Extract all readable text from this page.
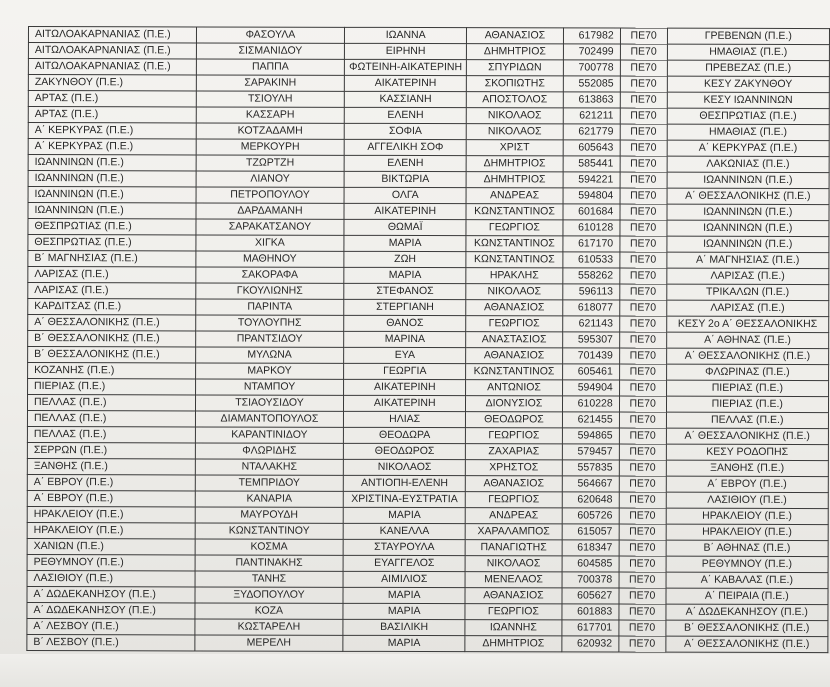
ΑΙΤΩΛΟΑΚΑΡΝΑΝΙΑΣ (Π.Ε.)	ΦΑΣΟΥΛΑ	ΙΩΑΝΝΑ	ΑΘΑΝΑΣΙΟΣ	617982	ΠΕ70	ΓΡΕΒΕΝΩΝ (Π.Ε.)
ΑΙΤΩΛΟΑΚΑΡΝΑΝΙΑΣ (Π.Ε.)	ΣΙΣΜΑΝΙΔΟΥ	ΕΙΡΗΝΗ	ΔΗΜΗΤΡΙΟΣ	702499	ΠΕ70	ΗΜΑΘΙΑΣ (Π.Ε.)
ΑΙΤΩΛΟΑΚΑΡΝΑΝΙΑΣ (Π.Ε.)	ΠΑΠΠΑ	ΦΩΤΕΙΝΗ-ΑΙΚΑΤΕΡΙΝΗ	ΣΠΥΡΙΔΩΝ	700778	ΠΕ70	ΠΡΕΒΕΖΑΣ (Π.Ε.)
ΖΑΚΥΝΘΟΥ (Π.Ε.)	ΣΑΡΑΚΙΝΗ	ΑΙΚΑΤΕΡΙΝΗ	ΣΚΟΠΙΩΤΗΣ	552085	ΠΕ70	ΚΕΣΥ ΖΑΚΥΝΘΟΥ
ΑΡΤΑΣ (Π.Ε.)	ΤΣΙΟΥΛΗ	ΚΑΣΣΙΑΝΗ	ΑΠΟΣΤΟΛΟΣ	613863	ΠΕ70	ΚΕΣΥ ΙΩΑΝΝΙΝΩΝ
ΑΡΤΑΣ (Π.Ε.)	ΚΑΣΣΑΡΗ	ΕΛΕΝΗ	ΝΙΚΟΛΑΟΣ	621211	ΠΕ70	ΘΕΣΠΡΩΤΙΑΣ (Π.Ε.)
Α΄ ΚΕΡΚΥΡΑΣ (Π.Ε.)	ΚΟΤΖΑΔΑΜΗ	ΣΟΦΙΑ	ΝΙΚΟΛΑΟΣ	621779	ΠΕ70	ΗΜΑΘΙΑΣ (Π.Ε.)
Α΄ ΚΕΡΚΥΡΑΣ (Π.Ε.)	ΜΕΡΚΟΥΡΗ	ΑΓΓΕΛΙΚΗ ΣΟΦ	ΧΡΙΣΤ	605643	ΠΕ70	Α΄ ΚΕΡΚΥΡΑΣ (Π.Ε.)
ΙΩΑΝΝΙΝΩΝ (Π.Ε.)	ΤΖΩΡΤΖΗ	ΕΛΕΝΗ	ΔΗΜΗΤΡΙΟΣ	585441	ΠΕ70	ΛΑΚΩΝΙΑΣ (Π.Ε.)
ΙΩΑΝΝΙΝΩΝ (Π.Ε.)	ΛΙΑΝΟΥ	ΒΙΚΤΩΡΙΑ	ΔΗΜΗΤΡΙΟΣ	594221	ΠΕ70	ΙΩΑΝΝΙΝΩΝ (Π.Ε.)
ΙΩΑΝΝΙΝΩΝ (Π.Ε.)	ΠΕΤΡΟΠΟΥΛΟΥ	ΟΛΓΑ	ΑΝΔΡΕΑΣ	594804	ΠΕ70	Α΄ ΘΕΣΣΑΛΟΝΙΚΗΣ (Π.Ε.)
ΙΩΑΝΝΙΝΩΝ (Π.Ε.)	ΔΑΡΔΑΜΑΝΗ	ΑΙΚΑΤΕΡΙΝΗ	ΚΩΝΣΤΑΝΤΙΝΟΣ	601684	ΠΕ70	ΙΩΑΝΝΙΝΩΝ (Π.Ε.)
ΘΕΣΠΡΩΤΙΑΣ (Π.Ε.)	ΣΑΡΑΚΑΤΣΑΝΟΥ	ΘΩΜΑΪ	ΓΕΩΡΓΙΟΣ	610128	ΠΕ70	ΙΩΑΝΝΙΝΩΝ (Π.Ε.)
ΘΕΣΠΡΩΤΙΑΣ (Π.Ε.)	ΧΙΓΚΑ	ΜΑΡΙΑ	ΚΩΝΣΤΑΝΤΙΝΟΣ	617170	ΠΕ70	ΙΩΑΝΝΙΝΩΝ (Π.Ε.)
Β΄ ΜΑΓΝΗΣΙΑΣ (Π.Ε.)	ΜΑΘΗΝΟΥ	ΖΩΗ	ΚΩΝΣΤΑΝΤΙΝΟΣ	610533	ΠΕ70	Α΄ ΜΑΓΝΗΣΙΑΣ (Π.Ε.)
ΛΑΡΙΣΑΣ (Π.Ε.)	ΣΑΚΟΡΑΦΑ	ΜΑΡΙΑ	ΗΡΑΚΛΗΣ	558262	ΠΕ70	ΛΑΡΙΣΑΣ (Π.Ε.)
ΛΑΡΙΣΑΣ (Π.Ε.)	ΓΚΟΥΛΙΩΝΗΣ	ΣΤΕΦΑΝΟΣ	ΝΙΚΟΛΑΟΣ	596113	ΠΕ70	ΤΡΙΚΑΛΩΝ (Π.Ε.)
ΚΑΡΔΙΤΣΑΣ (Π.Ε.)	ΠΑΡΙΝΤΑ	ΣΤΕΡΓΙΑΝΗ	ΑΘΑΝΑΣΙΟΣ	618077	ΠΕ70	ΛΑΡΙΣΑΣ (Π.Ε.)
Α΄ ΘΕΣΣΑΛΟΝΙΚΗΣ (Π.Ε.)	ΤΟΥΛΟΥΠΗΣ	ΘΑΝΟΣ	ΓΕΩΡΓΙΟΣ	621143	ΠΕ70	ΚΕΣΥ 2ο Α΄ ΘΕΣΣΑΛΟΝΙΚΗΣ
Β΄ ΘΕΣΣΑΛΟΝΙΚΗΣ (Π.Ε.)	ΠΡΑΝΤΣΙΔΟΥ	ΜΑΡΙΝΑ	ΑΝΑΣΤΑΣΙΟΣ	595307	ΠΕ70	Α΄ ΑΘΗΝΑΣ (Π.Ε.)
Β΄ ΘΕΣΣΑΛΟΝΙΚΗΣ (Π.Ε.)	ΜΥΛΩΝΑ	ΕΥΑ	ΑΘΑΝΑΣΙΟΣ	701439	ΠΕ70	Α΄ ΘΕΣΣΑΛΟΝΙΚΗΣ (Π.Ε.)
ΚΟΖΑΝΗΣ (Π.Ε.)	ΜΑΡΚΟΥ	ΓΕΩΡΓΙΑ	ΚΩΝΣΤΑΝΤΙΝΟΣ	605461	ΠΕ70	ΦΛΩΡΙΝΑΣ (Π.Ε.)
ΠΙΕΡΙΑΣ (Π.Ε.)	ΝΤΑΜΠΟΥ	ΑΙΚΑΤΕΡΙΝΗ	ΑΝΤΩΝΙΟΣ	594904	ΠΕ70	ΠΙΕΡΙΑΣ (Π.Ε.)
ΠΕΛΛΑΣ (Π.Ε.)	ΤΣΙΑΟΥΣΙΔΟΥ	ΑΙΚΑΤΕΡΙΝΗ	ΔΙΟΝΥΣΙΟΣ	610228	ΠΕ70	ΠΙΕΡΙΑΣ (Π.Ε.)
ΠΕΛΛΑΣ (Π.Ε.)	ΔΙΑΜΑΝΤΟΠΟΥΛΟΣ	ΗΛΙΑΣ	ΘΕΟΔΩΡΟΣ	621455	ΠΕ70	ΠΕΛΛΑΣ (Π.Ε.)
ΠΕΛΛΑΣ (Π.Ε.)	ΚΑΡΑΝΤΙΝΙΔΟΥ	ΘΕΟΔΩΡΑ	ΓΕΩΡΓΙΟΣ	594865	ΠΕ70	Α΄ ΘΕΣΣΑΛΟΝΙΚΗΣ (Π.Ε.)
ΣΕΡΡΩΝ (Π.Ε.)	ΦΛΩΡΙΔΗΣ	ΘΕΟΔΩΡΟΣ	ΖΑΧΑΡΙΑΣ	579457	ΠΕ70	ΚΕΣΥ ΡΟΔΟΠΗΣ
ΞΑΝΘΗΣ (Π.Ε.)	ΝΤΑΛΑΚΗΣ	ΝΙΚΟΛΑΟΣ	ΧΡΗΣΤΟΣ	557835	ΠΕ70	ΞΑΝΘΗΣ (Π.Ε.)
Α΄ ΕΒΡΟΥ (Π.Ε.)	ΤΕΜΠΡΙΔΟΥ	ΑΝΤΙΟΠΗ-ΕΛΕΝΗ	ΑΘΑΝΑΣΙΟΣ	564667	ΠΕ70	Α΄ ΕΒΡΟΥ (Π.Ε.)
Α΄ ΕΒΡΟΥ (Π.Ε.)	ΚΑΝΑΡΙΑ	ΧΡΙΣΤΙΝΑ-ΕΥΣΤΡΑΤΙΑ	ΓΕΩΡΓΙΟΣ	620648	ΠΕ70	ΛΑΣΙΘΙΟΥ (Π.Ε.)
ΗΡΑΚΛΕΙΟΥ (Π.Ε.)	ΜΑΥΡΟΥΔΗ	ΜΑΡΙΑ	ΑΝΔΡΕΑΣ	605726	ΠΕ70	ΗΡΑΚΛΕΙΟΥ (Π.Ε.)
ΗΡΑΚΛΕΙΟΥ (Π.Ε.)	ΚΩΝΣΤΑΝΤΙΝΟΥ	ΚΑΝΕΛΛΑ	ΧΑΡΑΛΑΜΠΟΣ	615057	ΠΕ70	ΗΡΑΚΛΕΙΟΥ (Π.Ε.)
ΧΑΝΙΩΝ (Π.Ε.)	ΚΟΣΜΑ	ΣΤΑΥΡΟΥΛΑ	ΠΑΝΑΓΙΩΤΗΣ	618347	ΠΕ70	Β΄ ΑΘΗΝΑΣ (Π.Ε.)
ΡΕΘΥΜΝΟΥ (Π.Ε.)	ΠΑΝΤΙΝΑΚΗΣ	ΕΥΑΓΓΕΛΟΣ	ΝΙΚΟΛΑΟΣ	604585	ΠΕ70	ΡΕΘΥΜΝΟΥ (Π.Ε.)
ΛΑΣΙΘΙΟΥ (Π.Ε.)	ΤΑΝΗΣ	ΑΙΜΙΛΙΟΣ	ΜΕΝΕΛΑΟΣ	700378	ΠΕ70	Α΄ ΚΑΒΑΛΑΣ (Π.Ε.)
Α΄ ΔΩΔΕΚΑΝΗΣΟΥ (Π.Ε.)	ΞΥΔΟΠΟΥΛΟΥ	ΜΑΡΙΑ	ΑΘΑΝΑΣΙΟΣ	605627	ΠΕ70	Α΄ ΠΕΙΡΑΙΑ (Π.Ε.)
Α΄ ΔΩΔΕΚΑΝΗΣΟΥ (Π.Ε.)	ΚΟΖΑ	ΜΑΡΙΑ	ΓΕΩΡΓΙΟΣ	601883	ΠΕ70	Α΄ ΔΩΔΕΚΑΝΗΣΟΥ (Π.Ε.)
Α΄ ΛΕΣΒΟΥ (Π.Ε.)	ΚΩΣΤΑΡΕΛΗ	ΒΑΣΙΛΙΚΗ	ΙΩΑΝΝΗΣ	617701	ΠΕ70	Β΄ ΘΕΣΣΑΛΟΝΙΚΗΣ (Π.Ε.)
Β΄ ΛΕΣΒΟΥ (Π.Ε.)	ΜΕΡΕΛΗ	ΜΑΡΙΑ	ΔΗΜΗΤΡΙΟΣ	620932	ΠΕ70	Α΄ ΘΕΣΣΑΛΟΝΙΚΗΣ (Π.Ε.)
